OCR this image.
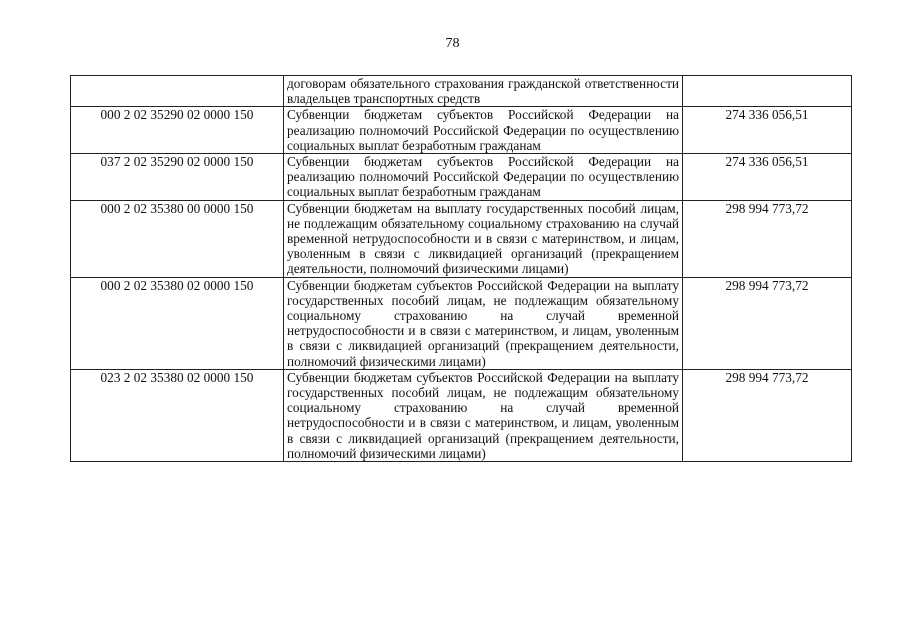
78
	договорам обязательного страхования гражданской ответственности владельцев транспортных средств	
000 2 02 35290 02 0000 150	Субвенции бюджетам субъектов Российской Федерации на реализацию полномочий Российской Федерации по осуществлению социальных выплат безработным гражданам	274 336 056,51
037 2 02 35290 02 0000 150	Субвенции бюджетам субъектов Российской Федерации на реализацию полномочий Российской Федерации по осуществлению социальных выплат безработным гражданам	274 336 056,51
000 2 02 35380 00 0000 150	Субвенции бюджетам на выплату государственных пособий лицам, не подлежащим обязательному социальному страхованию на случай временной нетрудоспособности и в связи с материнством, и лицам, уволенным в связи с ликвидацией организаций (прекращением деятельности, полномочий физическими лицами)	298 994 773,72
000 2 02 35380 02 0000 150	Субвенции бюджетам субъектов Российской Федерации на выплату государственных пособий лицам, не подлежащим обязательному социальному страхованию на случай временной нетрудоспособности и в связи с материнством, и лицам, уволенным в связи с ликвидацией организаций (прекращением деятельности, полномочий физическими лицами)	298 994 773,72
023 2 02 35380 02 0000 150	Субвенции бюджетам субъектов Российской Федерации на выплату государственных пособий лицам, не подлежащим обязательному социальному страхованию на случай временной нетрудоспособности и в связи с материнством, и лицам, уволенным в связи с ликвидацией организаций (прекращением деятельности, полномочий физическими лицами)	298 994 773,72
